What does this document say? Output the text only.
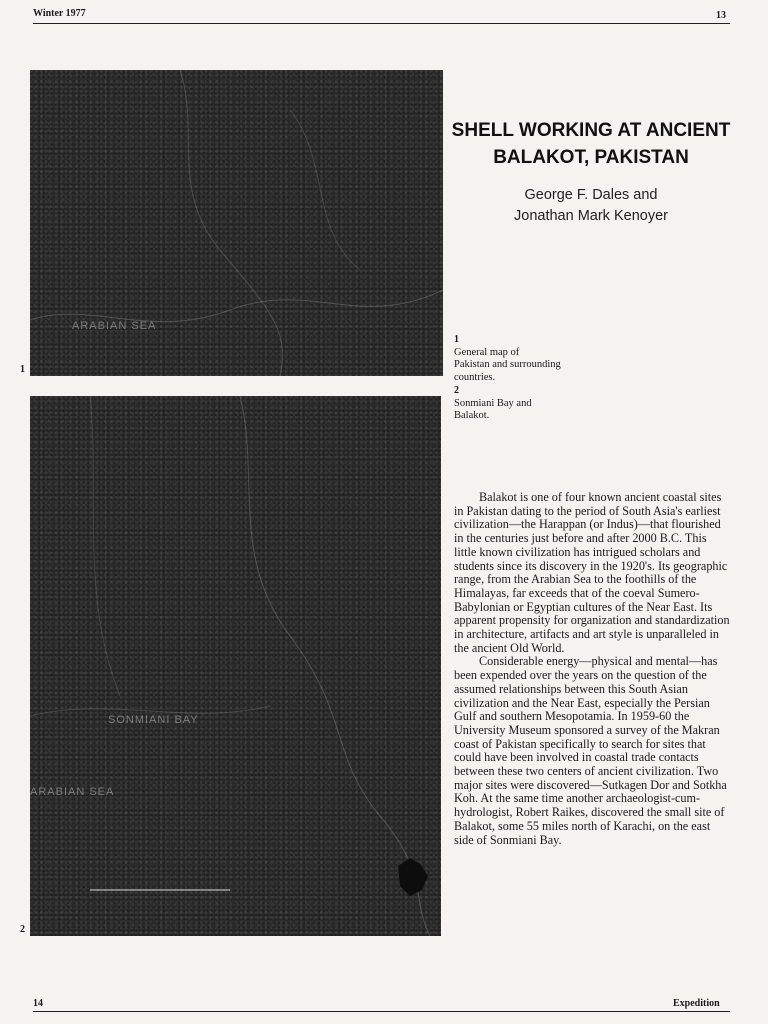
Winter 1977	13
ARABIAN SEA
1
SONMIANI BAY
ARABIAN SEA
2
SHELL WORKING AT ANCIENT
BALAKOT, PAKISTAN
George F. Dales and
Jonathan Mark Kenoyer
1
General map of
Pakistan and surrounding
countries.
2
Sonmiani Bay and
Balakot.

Balakot is one of four known ancient coastal sites in Pakistan dating to the period of South Asia's earliest civilization—the Harappan (or Indus)—that flourished in the centuries just before and after 2000 B.C. This little known civilization has intrigued scholars and students since its discovery in the 1920's. Its geographic range, from the Arabian Sea to the foothills of the Himalayas, far exceeds that of the coeval Sumero-Babylonian or Egyptian cultures of the Near East. Its apparent propensity for organization and standardization in architecture, artifacts and art style is unparalleled in the ancient Old World.

Considerable energy—physical and mental—has been expended over the years on the question of the assumed relationships between this South Asian civilization and the Near East, especially the Persian Gulf and southern Mesopotamia. In 1959-60 the University Museum sponsored a survey of the Makran coast of Pakistan specifically to search for sites that could have been involved in coastal trade contacts between these two centers of ancient civilization. Two major sites were discovered—Sutkagen Dor and Sotkha Koh. At the same time another archaeologist-cum-hydrologist, Robert Raikes, discovered the small site of Balakot, some 55 miles north of Karachi, on the east side of Sonmiani Bay.

14	Expedition
